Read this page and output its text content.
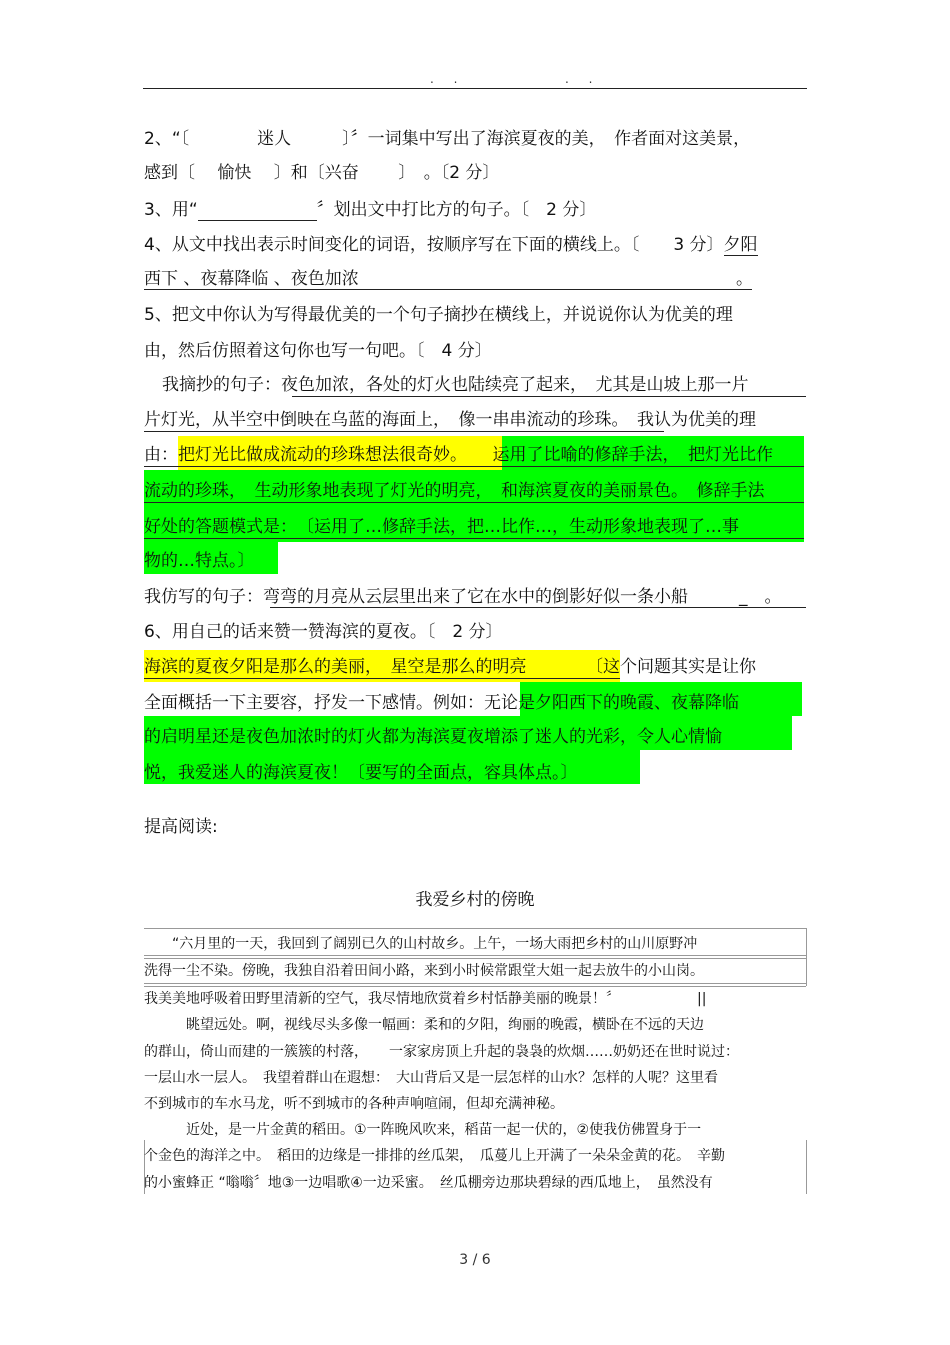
. .	. .
2、“〔　　　　迷人　　　〕〞一词集中写出了海滨夏夜的美，　作者面对这美景，
感到〔　 愉快　 〕和〔兴奋　　 〕　。〔2 分〕
3、用“　　　　　　　	〞划出文中打比方的句子。〔　2 分〕
4、从文中找出表示时间变化的词语，按顺序写在下面的横线上。〔　　3 分〕夕阳
西下 、夜幕降临 、夜色加浓	。
5、把文中你认为写得最优美的一个句子摘抄在横线上，并说说你认为优美的理
由，然后仿照着这句你也写一句吧。〔　4 分〕
我摘抄的句子：夜色加浓，各处的灯火也陆续亮了起来，　尤其是山坡上那一片
片灯光，从半空中倒映在乌蓝的海面上，　像一串串流动的珍珠。　 我认为优美的理
由：把灯光比做成流动的珍珠想法很奇妙。　　 运用了比喻的修辞手法，　把灯光比作
流动的珍珠，　生动形象地表现了灯光的明亮，　和海滨夏夜的美丽景色。　修辞手法
好处的答题模式是：　〔运用了…修辞手法，把…比作…，生动形象地表现了…事
物的…特点。〕
我仿写的句子：弯弯的月亮从云层里出来了它在水中的倒影好似一条小船　　　_　。
6、用自己的话来赞一赞海滨的夏夜。〔　2 分〕
海滨的夏夜夕阳是那么的美丽，　星空是那么的明亮　　　　〔这个问题其实是让你
全面概括一下主要容，抒发一下感情。例如：无论是夕阳西下的晚霞、夜幕降临
的启明星还是夜色加浓时的灯火都为海滨夏夜增添了迷人的光彩，令人心情愉
悦，我爱迷人的海滨夏夜！〔要写的全面点，容具体点。〕
提高阅读:
我爱乡村的傍晚
　　“六月里的一天，我回到了阔别已久的山村故乡。上午，一场大雨把乡村的山川原野冲
洗得一尘不染。傍晚，我独自沿着田间小路，来到小时候常跟堂大姐一起去放牛的小山岗。
我美美地呼吸着田野里清新的空气，我尽情地欣赏着乡村恬静美丽的晚景！〞　　　　　　||
　　　眺望远处。啊，视线尽头多像一幅画：柔和的夕阳，绚丽的晚霞，横卧在不远的天边
的群山，倚山而建的一簇簇的村落，　　一家家房顶上升起的袅袅的炊烟……奶奶还在世时说过：
一层山水一层人。　我望着群山在遐想：　大山背后又是一层怎样的山水？怎样的人呢？这里看
不到城市的车水马龙，听不到城市的各种声响喧闹，但却充满神秘。
　　　近处，是一片金黄的稻田。①一阵晚风吹来，稻苗一起一伏的，②使我仿佛置身于一
个金色的海洋之中。　稻田的边缘是一排排的丝瓜架，　瓜蔓儿上开满了一朵朵金黄的花。　辛勤
的小蜜蜂正 “嗡嗡〞地③一边唱歌④一边采蜜。　丝瓜棚旁边那块碧绿的西瓜地上，　虽然没有
3 / 6
